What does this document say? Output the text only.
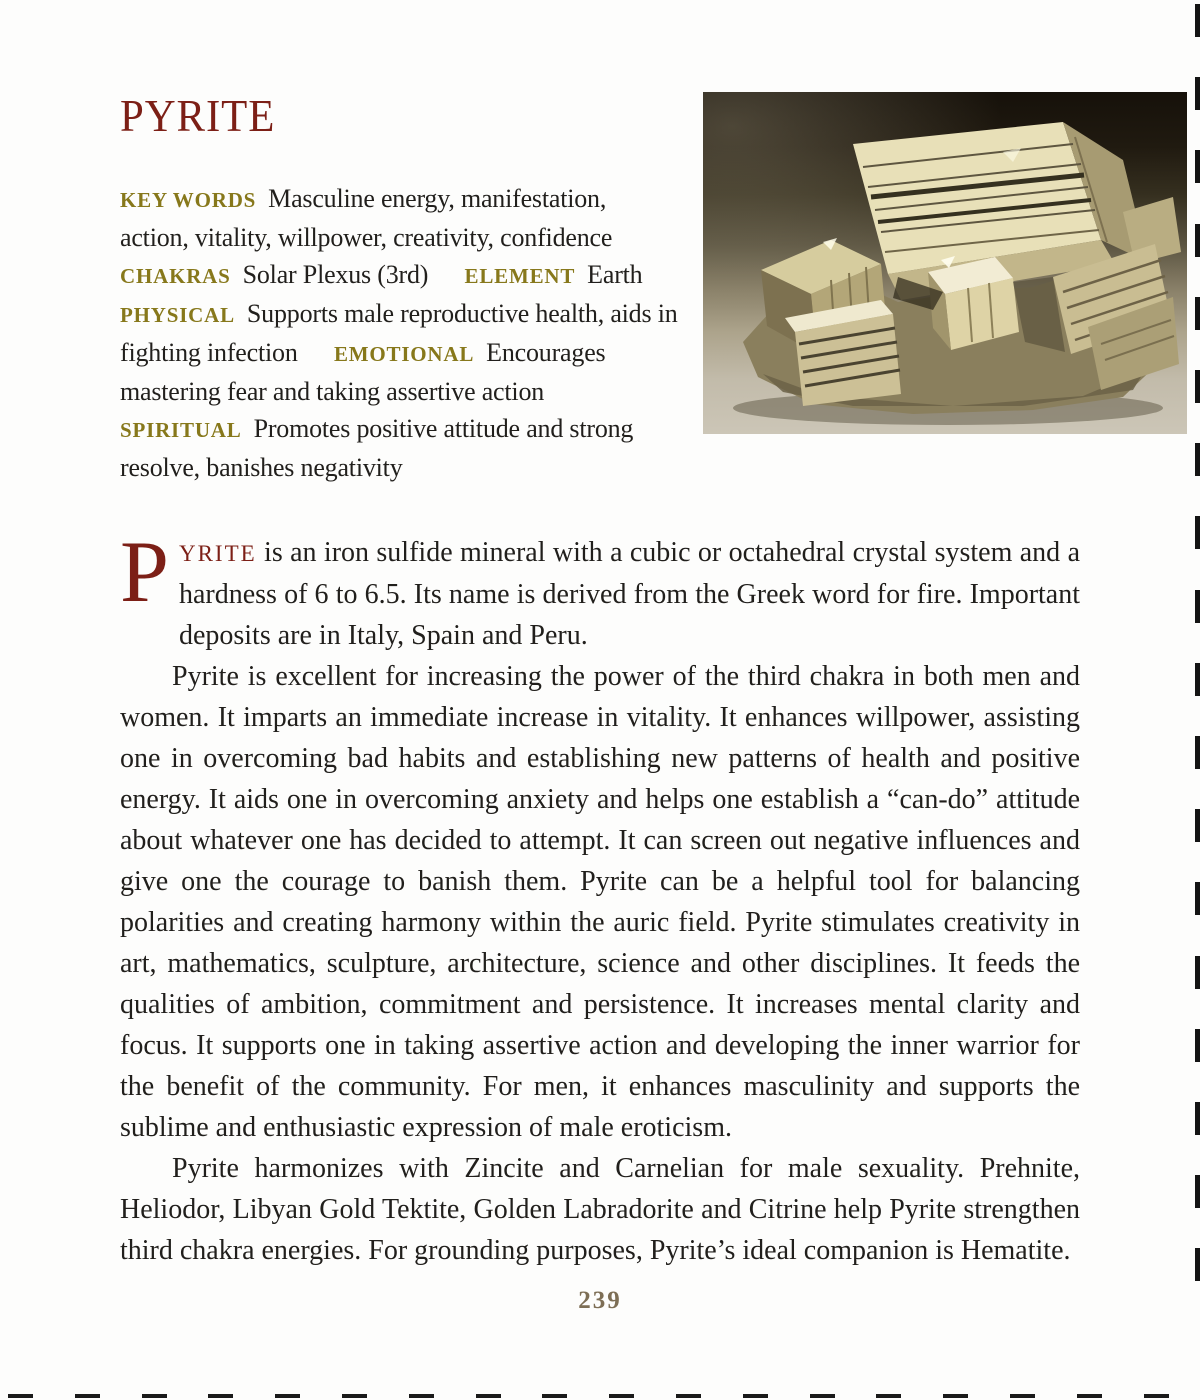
PYRITE
KEY WORDS Masculine energy, manifestation, action, vitality, willpower, creativity, confidence CHAKRAS Solar Plexus (3rd) ELEMENT Earth PHYSICAL Supports male reproductive health, aids in fighting infection EMOTIONAL Encourages mastering fear and taking assertive action SPIRITUAL Promotes positive attitude and strong resolve, banishes negativity

PYRITE is an iron sulfide mineral with a cubic or octahedral crystal system and a hardness of 6 to 6.5. Its name is derived from the Greek word for fire. Important deposits are in Italy, Spain and Peru.

Pyrite is excellent for increasing the power of the third chakra in both men and women. It imparts an immediate increase in vitality. It enhances willpower, assisting one in overcoming bad habits and establishing new patterns of health and positive energy. It aids one in overcoming anxiety and helps one establish a “can-do” attitude about whatever one has decided to attempt. It can screen out negative influences and give one the courage to banish them. Pyrite can be a helpful tool for balancing polarities and creating harmony within the auric field. Pyrite stimulates creativity in art, mathematics, sculpture, architecture, science and other disciplines. It feeds the qualities of ambition, commitment and persistence. It increases mental clarity and focus. It supports one in taking assertive action and developing the inner warrior for the benefit of the community. For men, it enhances masculinity and supports the sublime and enthusiastic expression of male eroticism.

Pyrite harmonizes with Zincite and Carnelian for male sexuality. Prehnite, Heliodor, Libyan Gold Tektite, Golden Labradorite and Citrine help Pyrite strengthen third chakra energies. For grounding purposes, Pyrite’s ideal companion is Hematite.

239
